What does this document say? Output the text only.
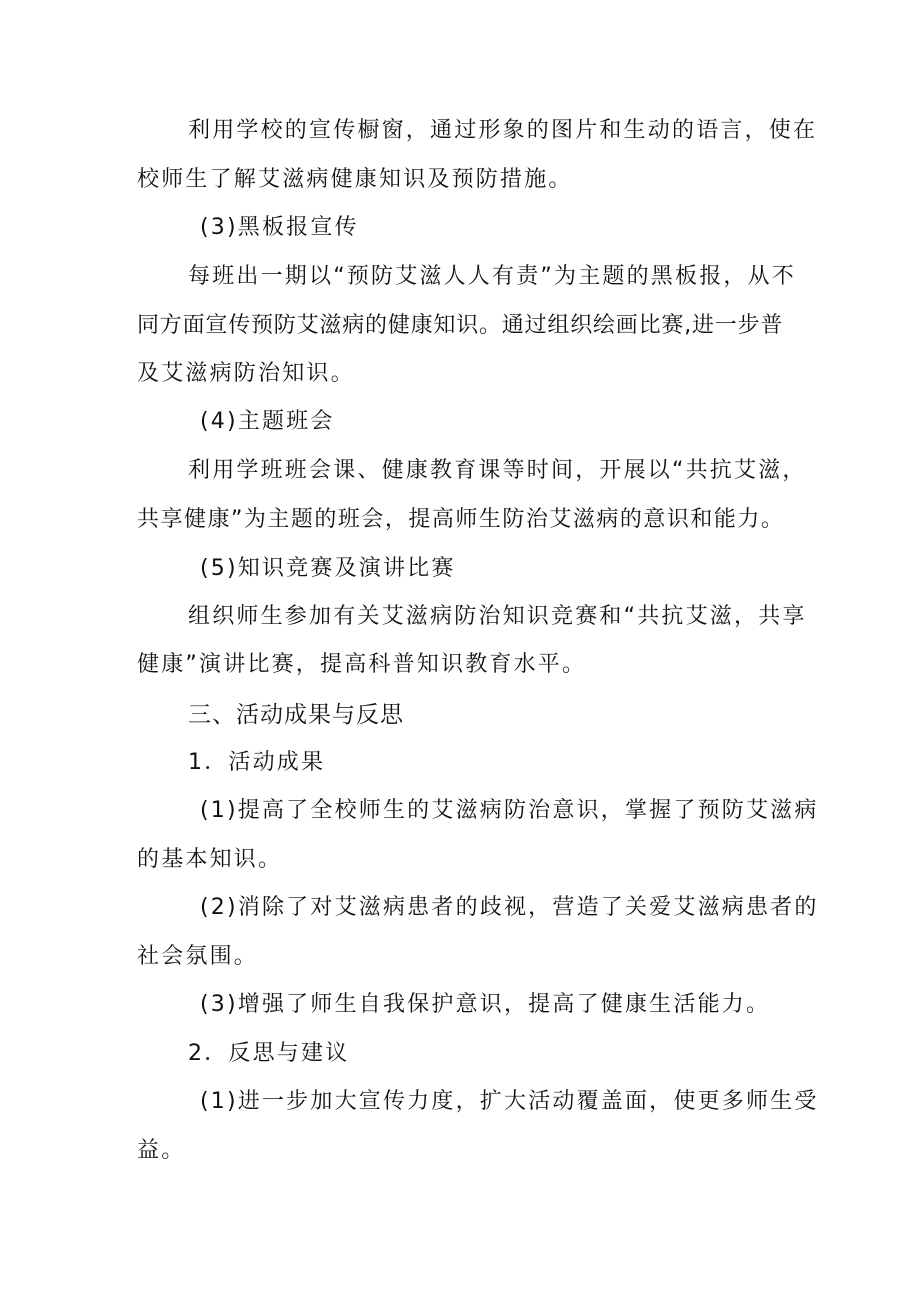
利用学校的宣传橱窗，通过形象的图片和生动的语言，使在
校师生了解艾滋病健康知识及预防措施。
(3)黑板报宣传
每班出一期以“预防艾滋人人有责”为主题的黑板报，从不
同方面宣传预防艾滋病的健康知识。通过组织绘画比赛,进一步普
及艾滋病防治知识。
(4)主题班会
利用学班班会课、健康教育课等时间，开展以“共抗艾滋，
共享健康”为主题的班会，提高师生防治艾滋病的意识和能力。
(5)知识竞赛及演讲比赛
组织师生参加有关艾滋病防治知识竞赛和“共抗艾滋，共享
健康”演讲比赛，提高科普知识教育水平。
三、活动成果与反思
1．活动成果
(1)提高了全校师生的艾滋病防治意识，掌握了预防艾滋病
的基本知识。
(2)消除了对艾滋病患者的歧视，营造了关爱艾滋病患者的
社会氛围。
(3)增强了师生自我保护意识，提高了健康生活能力。
2．反思与建议
(1)进一步加大宣传力度，扩大活动覆盖面，使更多师生受
益。
